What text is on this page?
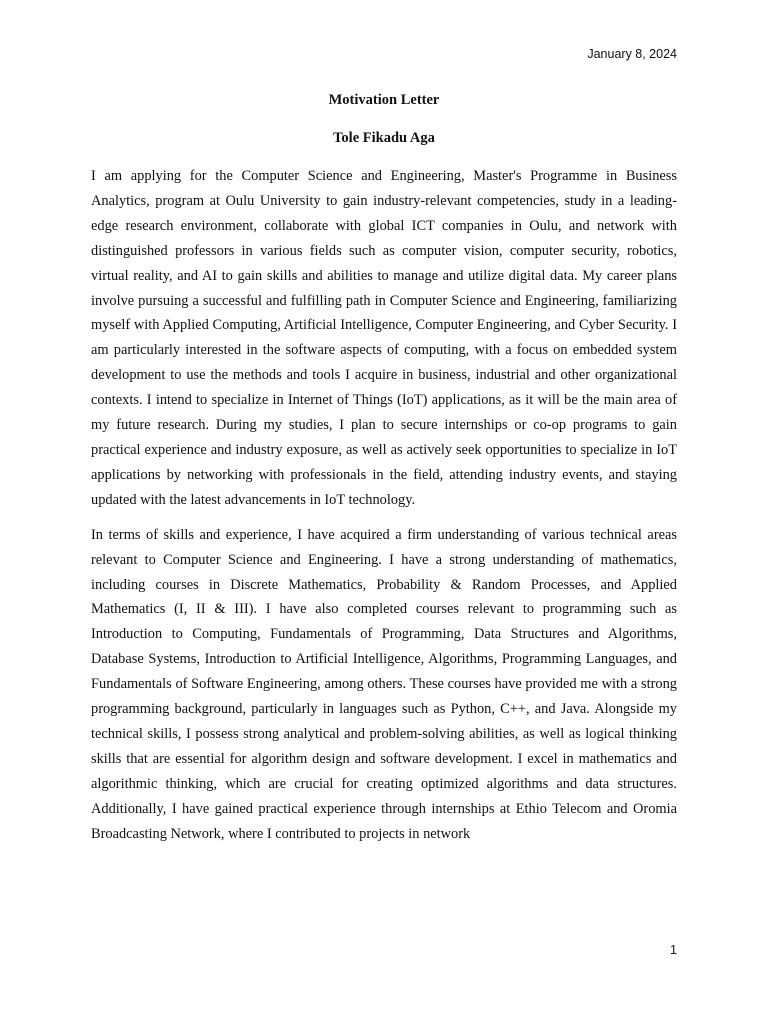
January 8, 2024
Motivation Letter
Tole Fikadu Aga

I am applying for the Computer Science and Engineering, Master's Programme in Business Analytics, program at Oulu University to gain industry-relevant competencies, study in a leading-edge research environment, collaborate with global ICT companies in Oulu, and network with distinguished professors in various fields such as computer vision, computer security, robotics, virtual reality, and AI to gain skills and abilities to manage and utilize digital data. My career plans involve pursuing a successful and fulfilling path in Computer Science and Engineering, familiarizing myself with Applied Computing, Artificial Intelligence, Computer Engineering, and Cyber Security. I am particularly interested in the software aspects of computing, with a focus on embedded system development to use the methods and tools I acquire in business, industrial and other organizational contexts. I intend to specialize in Internet of Things (IoT) applications, as it will be the main area of my future research. During my studies, I plan to secure internships or co-op programs to gain practical experience and industry exposure, as well as actively seek opportunities to specialize in IoT applications by networking with professionals in the field, attending industry events, and staying updated with the latest advancements in IoT technology.

In terms of skills and experience, I have acquired a firm understanding of various technical areas relevant to Computer Science and Engineering. I have a strong understanding of mathematics, including courses in Discrete Mathematics, Probability & Random Processes, and Applied Mathematics (I, II & III). I have also completed courses relevant to programming such as Introduction to Computing, Fundamentals of Programming, Data Structures and Algorithms, Database Systems, Introduction to Artificial Intelligence, Algorithms, Programming Languages, and Fundamentals of Software Engineering, among others. These courses have provided me with a strong programming background, particularly in languages such as Python, C++, and Java. Alongside my technical skills, I possess strong analytical and problem-solving abilities, as well as logical thinking skills that are essential for algorithm design and software development. I excel in mathematics and algorithmic thinking, which are crucial for creating optimized algorithms and data structures. Additionally, I have gained practical experience through internships at Ethio Telecom and Oromia Broadcasting Network, where I contributed to projects in network

1
